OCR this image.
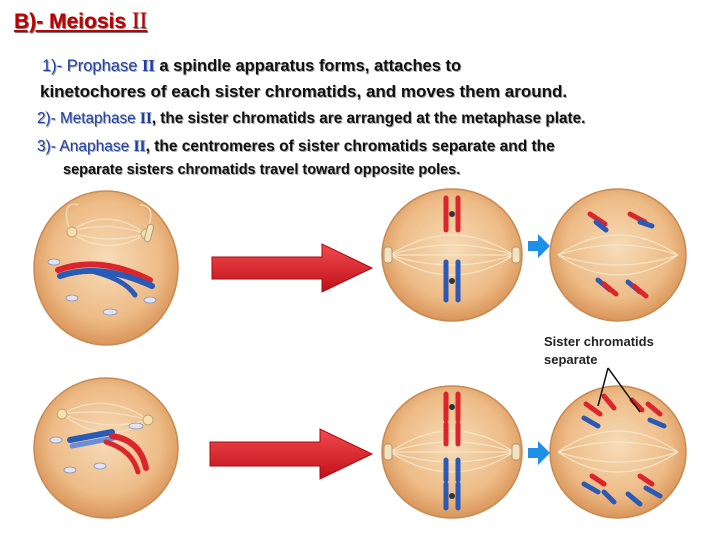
B)- Meiosis II
1)- Prophase II a spindle apparatus forms, attaches to
kinetochores of each sister chromatids, and moves them around.
2)- Metaphase II, the sister chromatids are arranged at the metaphase plate.
3)- Anaphase II, the centromeres of sister chromatids separate and the
separate sisters chromatids travel toward opposite poles.
Sister chromatids
separate
